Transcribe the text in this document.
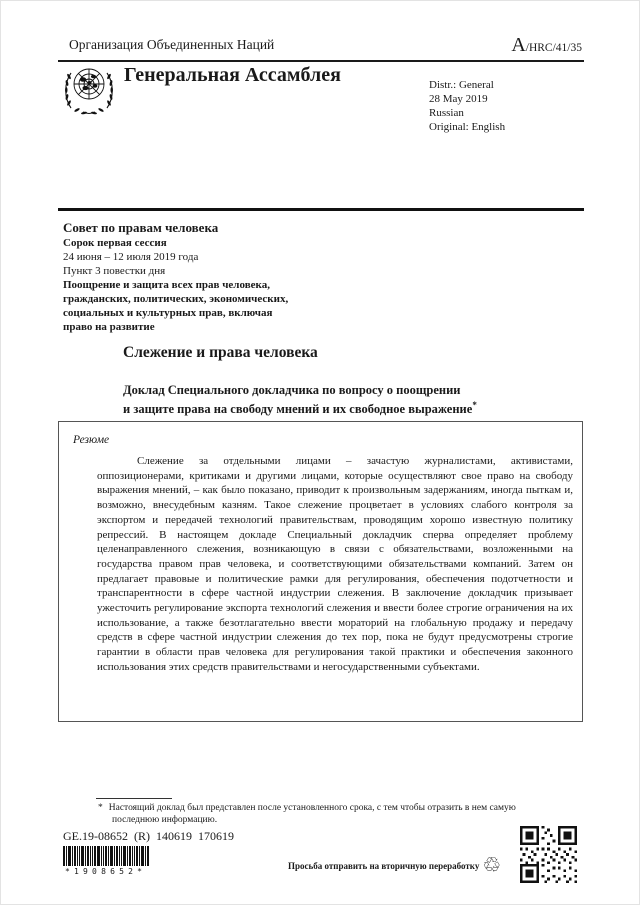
Организация Объединенных Наций	A/HRC/41/35
Генеральная Ассамблея	Distr.: General
28 May 2019
Russian
Original: English
Совет по правам человека
Сорок первая сессия
24 июня – 12 июля 2019 года
Пункт 3 повестки дня
Поощрение и защита всех прав человека,
гражданских, политических, экономических,
социальных и культурных прав, включая
право на развитие
Слежение и права человека
Доклад Специального докладчика по вопросу о поощрении
и защите права на свободу мнений и их свободное выражение*
Резюме
Слежение за отдельными лицами – зачастую журналистами, активистами, оппозиционерами, критиками и другими лицами, которые осуществляют свое право на свободу выражения мнений, – как было показано, приводит к произвольным задержаниям, иногда пыткам и, возможно, внесудебным казням. Такое слежение процветает в условиях слабого контроля за экспортом и передачей технологий правительствам, проводящим хорошо известную политику репрессий. В настоящем докладе Специальный докладчик сперва определяет проблему целенаправленного слежения, возникающую в связи с обязательствами, возложенными на государства правом прав человека, и соответствующими обязательствами компаний. Затем он предлагает правовые и политические рамки для регулирования, обеспечения подотчетности и транспарентности в сфере частной индустрии слежения. В заключение докладчик призывает ужесточить регулирование экспорта технологий слежения и ввести более строгие ограничения на их использование, а также безотлагательно ввести мораторий на глобальную продажу и передачу средств в сфере частной индустрии слежения до тех пор, пока не будут предусмотрены строгие гарантии в области прав человека для регулирования такой практики и обеспечения законного использования этих средств правительствами и негосударственными субъектами.
* Настоящий доклад был представлен после установленного срока, с тем чтобы отразить в нем самую последнюю информацию.
GE.19-08652  (R)  140619  170619
*1908652*
Просьба отправить на вторичную переработку ♲
